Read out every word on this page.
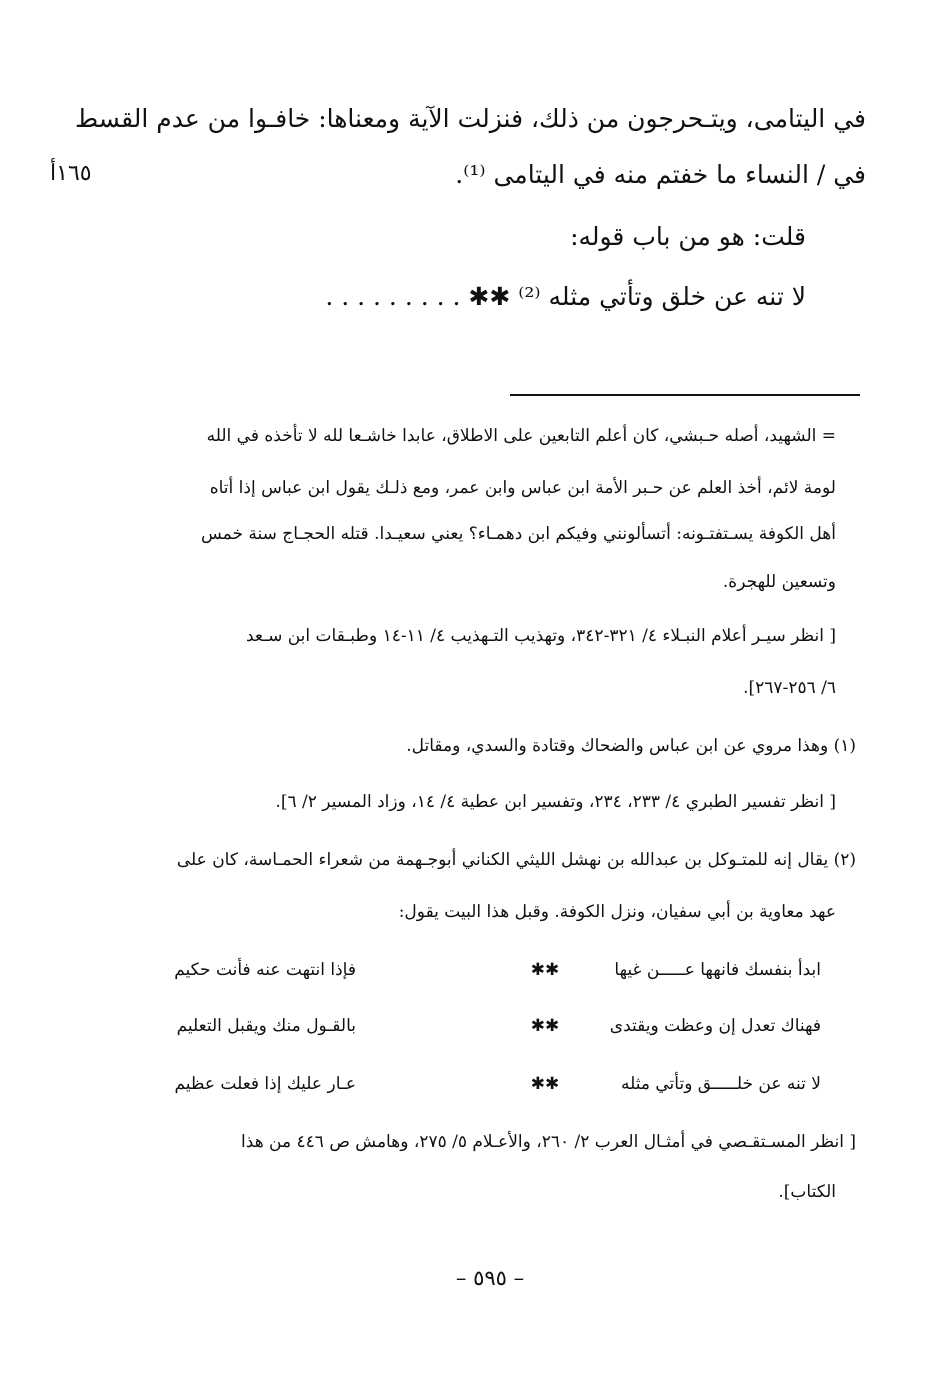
في اليتامى، ويتـحرجون من ذلك، فنزلت الآية ومعناها: خافـوا من عدم القسط
في / النساء ما خفتم منه في اليتامى ⁽¹⁾.
قلت: هو من باب قوله:
لا تنه عن خلق وتأتي مثله ⁽²⁾ ✱✱ . . . . . . . . .
١٦٥أ
= الشهيد، أصله حـبشي، كان أعلم التابعين على الاطلاق، عابدا خاشـعا لله لا تأخذه في الله
لومة لائم، أخذ العلم عن حـبر الأمة ابن عباس وابن عمر، ومع ذلـك يقول ابن عباس إذا أتاه
أهل الكوفة يسـتفتـونه: أتسألونني وفيكم ابن دهمـاء؟ يعني سعيـدا. قتله الحجـاج سنة خمس
وتسعين للهجرة.
[ انظر سيـر أعلام النبـلاء ٤/ ٣٢١-٣٤٢، وتهذيب التـهذيب ٤/ ١١-١٤ وطبـقات ابن سـعد
٦/ ٢٥٦-٢٦٧].
(١) وهذا مروي عن ابن عباس والضحاك وقتادة والسدي، ومقاتل.
[ انظر تفسير الطبري ٤/ ٢٣٣، ٢٣٤، وتفسير ابن عطية ٤/ ١٤، وزاد المسير ٢/ ٦].
(٢) يقال إنه للمتـوكل بن عبدالله بن نهشل الليثي الكناني أبوجـهمة من شعراء الحمـاسة، كان على
عهد معاوية بن أبي سفيان، ونزل الكوفة. وقبل هذا البيت يقول:
ابدأ بنفسك فانهها عـــــن غيها
✱✱
فإذا انتهت عنه فأنت حكيم
فهناك تعدل إن وعظت ويقتدى
✱✱
بالقـول منك ويقبل التعليم
لا تنه عن خلـــــق وتأتي مثله
✱✱
عـار عليك إذا فعلت عظيم
[ انظر المسـتقـصي في أمثـال العرب ٢/ ٢٦٠، والأعـلام ٥/ ٢٧٥، وهامش ص ٤٤٦ من هذا
الكتاب].
– ٥٩٥ –
